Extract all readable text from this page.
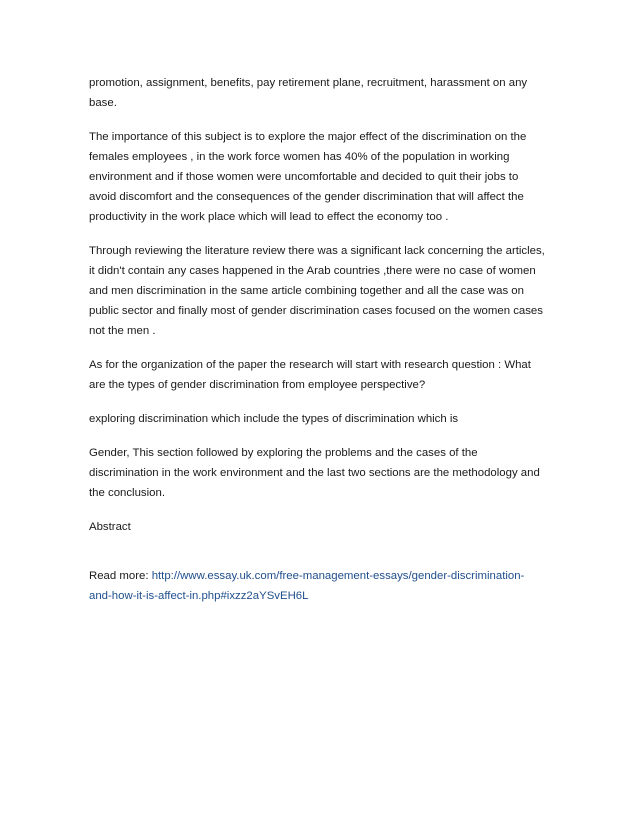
promotion, assignment, benefits, pay retirement plane, recruitment, harassment on any
base.

The importance of this subject is to explore the major effect of the discrimination on the
females employees , in the work force women has 40% of the population in working
environment and if those women were uncomfortable and decided to quit their jobs to
avoid discomfort and the consequences of the gender discrimination that will affect the
productivity in the work place which will lead to effect the economy too .

Through reviewing the literature review there was a significant lack concerning the articles,
it didn't contain any cases happened in the Arab countries ,there were no case of women
and men discrimination in the same article combining together and all the case was on
public sector and finally most of gender discrimination cases focused on the women cases
not the men .

As for the organization of the paper the research will start with research question : What
are the types of gender discrimination from employee perspective?

exploring discrimination which include the types of discrimination which is

Gender, This section followed by exploring the problems and the cases of the
discrimination in the work environment and the last two sections are the methodology and
the conclusion.

Abstract

Read more: http://www.essay.uk.com/free-management-essays/gender-discrimination-
and-how-it-is-affect-in.php#ixzz2aYSvEH6L
